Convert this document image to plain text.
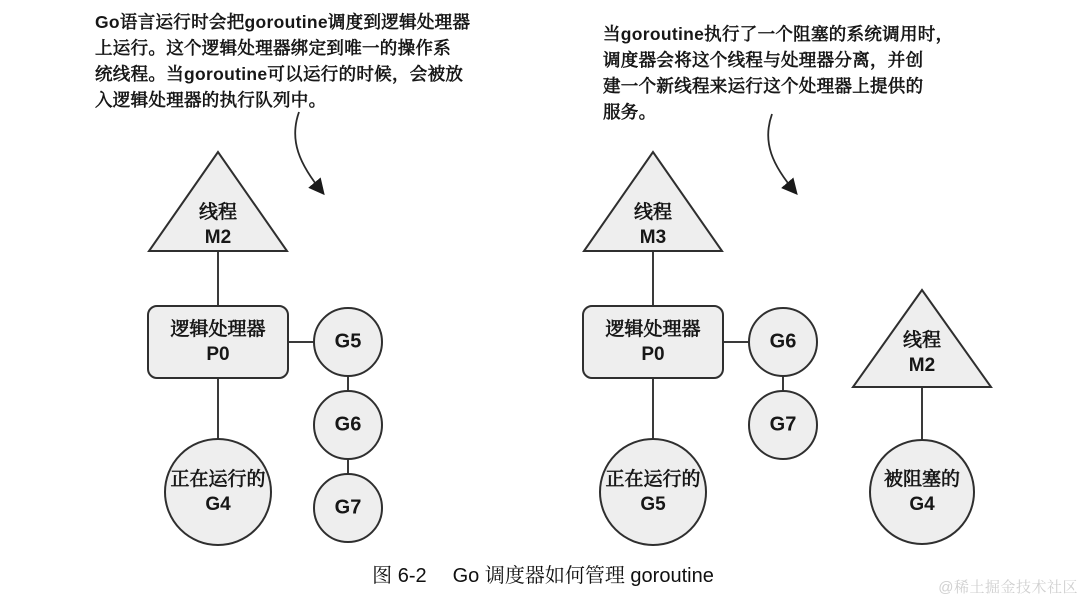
Go语言运行时会把goroutine调度到逻辑处理器
上运行。这个逻辑处理器绑定到唯一的操作系
统线程。当goroutine可以运行的时候，会被放
入逻辑处理器的执行队列中。
当goroutine执行了一个阻塞的系统调用时，
调度器会将这个线程与处理器分离，并创
建一个新线程来运行这个处理器上提供的
服务。
线程
M2
逻辑处理器
P0
G5
G6
G7
正在运行的
G4
线程
M3
逻辑处理器
P0
G6
G7
正在运行的
G5
线程
M2
被阻塞的
G4
图 6-2 Go 调度器如何管理 goroutine
@稀土掘金技术社区
